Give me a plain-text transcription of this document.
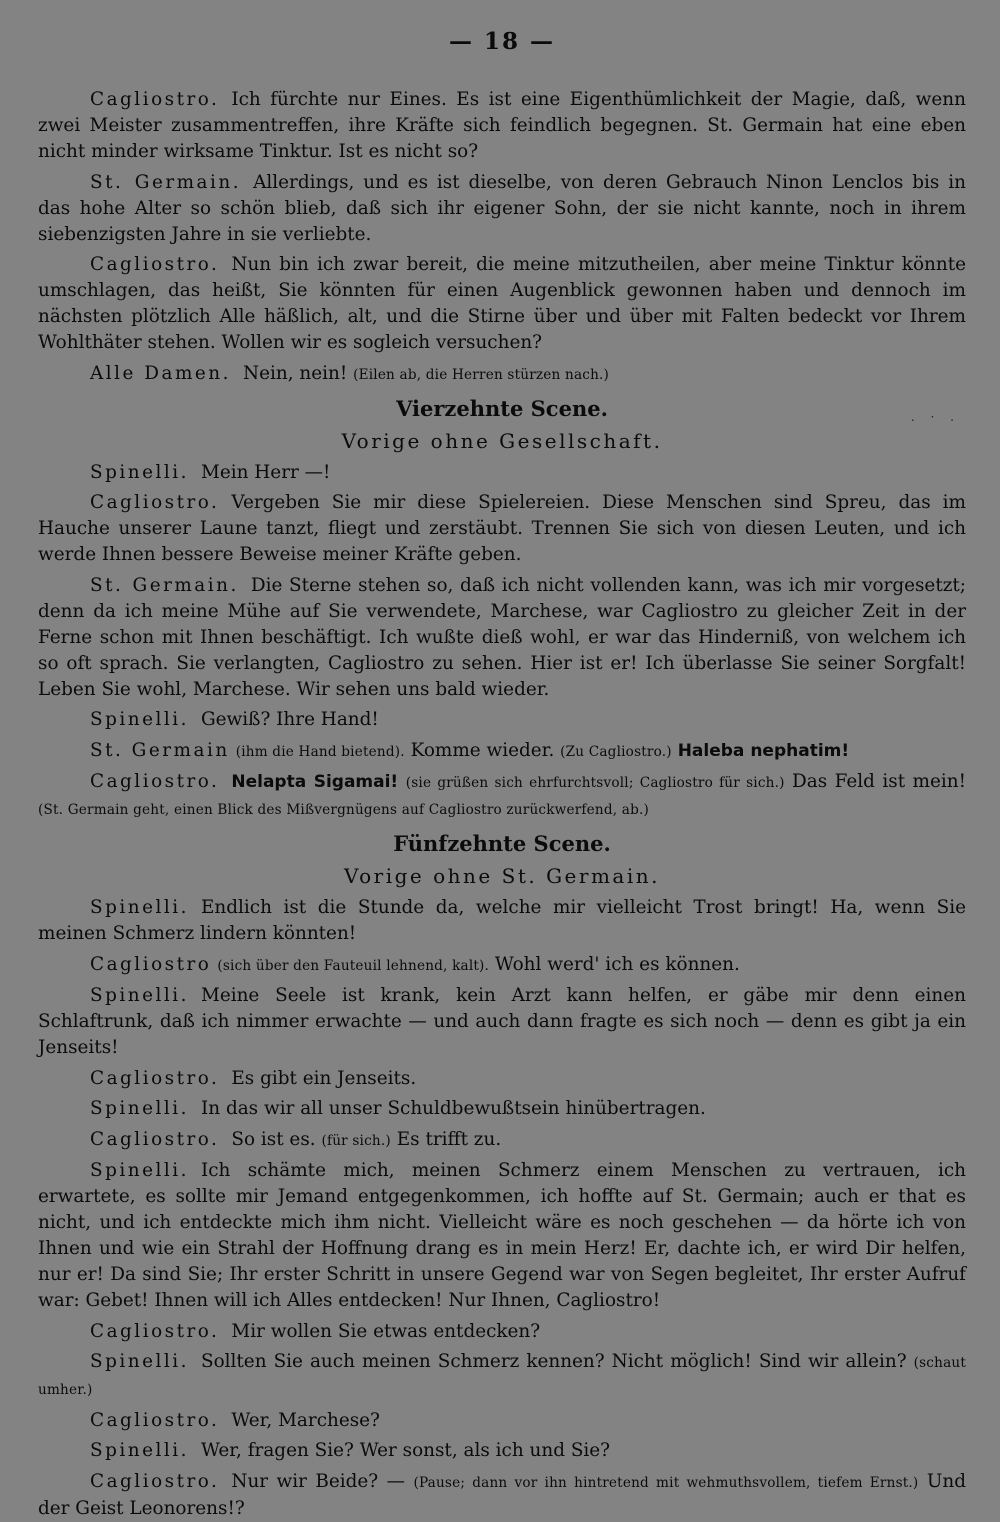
— 18 —

Cagliostro. Ich fürchte nur Eines. Es ist eine Eigenthümlichkeit der Magie, daß, wenn zwei Meister zusammentreffen, ihre Kräfte sich feindlich begegnen. St. Germain hat eine eben nicht minder wirksame Tinktur. Ist es nicht so?

St. Germain. Allerdings, und es ist dieselbe, von deren Gebrauch Ninon Lenclos bis in das hohe Alter so schön blieb, daß sich ihr eigener Sohn, der sie nicht kannte, noch in ihrem siebenzigsten Jahre in sie verliebte.

Cagliostro. Nun bin ich zwar bereit, die meine mitzutheilen, aber meine Tinktur könnte umschlagen, das heißt, Sie könnten für einen Augenblick gewonnen haben und dennoch im nächsten plötzlich Alle häßlich, alt, und die Stirne über und über mit Falten bedeckt vor Ihrem Wohlthäter stehen. Wollen wir es sogleich versuchen?

Alle Damen. Nein, nein! (Eilen ab, die Herren stürzen nach.)

Vierzehnte Scene.
Vorige ohne Gesellschaft.

Spinelli. Mein Herr —!

Cagliostro. Vergeben Sie mir diese Spielereien. Diese Menschen sind Spreu, das im Hauche unserer Laune tanzt, fliegt und zerstäubt. Trennen Sie sich von diesen Leuten, und ich werde Ihnen bessere Beweise meiner Kräfte geben.

St. Germain. Die Sterne stehen so, daß ich nicht vollenden kann, was ich mir vorgesetzt; denn da ich meine Mühe auf Sie verwendete, Marchese, war Cagliostro zu gleicher Zeit in der Ferne schon mit Ihnen beschäftigt. Ich wußte dieß wohl, er war das Hinderniß, von welchem ich so oft sprach. Sie verlangten, Cagliostro zu sehen. Hier ist er! Ich überlasse Sie seiner Sorgfalt! Leben Sie wohl, Marchese. Wir sehen uns bald wieder.

Spinelli. Gewiß? Ihre Hand!

St. Germain (ihm die Hand bietend). Komme wieder. (Zu Cagliostro.) Haleba nephatim!

Cagliostro. Nelapta Sigamai! (sie grüßen sich ehrfurchtsvoll; Cagliostro für sich.) Das Feld ist mein! (St. Germain geht, einen Blick des Mißvergnügens auf Cagliostro zurückwerfend, ab.)

Fünfzehnte Scene.
Vorige ohne St. Germain.

Spinelli. Endlich ist die Stunde da, welche mir vielleicht Trost bringt! Ha, wenn Sie meinen Schmerz lindern könnten!

Cagliostro (sich über den Fauteuil lehnend, kalt). Wohl werd' ich es können.

Spinelli. Meine Seele ist krank, kein Arzt kann helfen, er gäbe mir denn einen Schlaftrunk, daß ich nimmer erwachte — und auch dann fragte es sich noch — denn es gibt ja ein Jenseits!

Cagliostro. Es gibt ein Jenseits.

Spinelli. In das wir all unser Schuldbewußtsein hinübertragen.

Cagliostro. So ist es. (für sich.) Es trifft zu.

Spinelli. Ich schämte mich, meinen Schmerz einem Menschen zu vertrauen, ich erwartete, es sollte mir Jemand entgegenkommen, ich hoffte auf St. Germain; auch er that es nicht, und ich entdeckte mich ihm nicht. Vielleicht wäre es noch geschehen — da hörte ich von Ihnen und wie ein Strahl der Hoffnung drang es in mein Herz! Er, dachte ich, er wird Dir helfen, nur er! Da sind Sie; Ihr erster Schritt in unsere Gegend war von Segen begleitet, Ihr erster Aufruf war: Gebet! Ihnen will ich Alles entdecken! Nur Ihnen, Cagliostro!

Cagliostro. Mir wollen Sie etwas entdecken?

Spinelli. Sollten Sie auch meinen Schmerz kennen? Nicht möglich! Sind wir allein? (schaut umher.)

Cagliostro. Wer, Marchese?

Spinelli. Wer, fragen Sie? Wer sonst, als ich und Sie?

Cagliostro. Nur wir Beide? — (Pause; dann vor ihn hintretend mit wehmuthsvollem, tiefem Ernst.) Und der Geist Leonorens!?

. · .
